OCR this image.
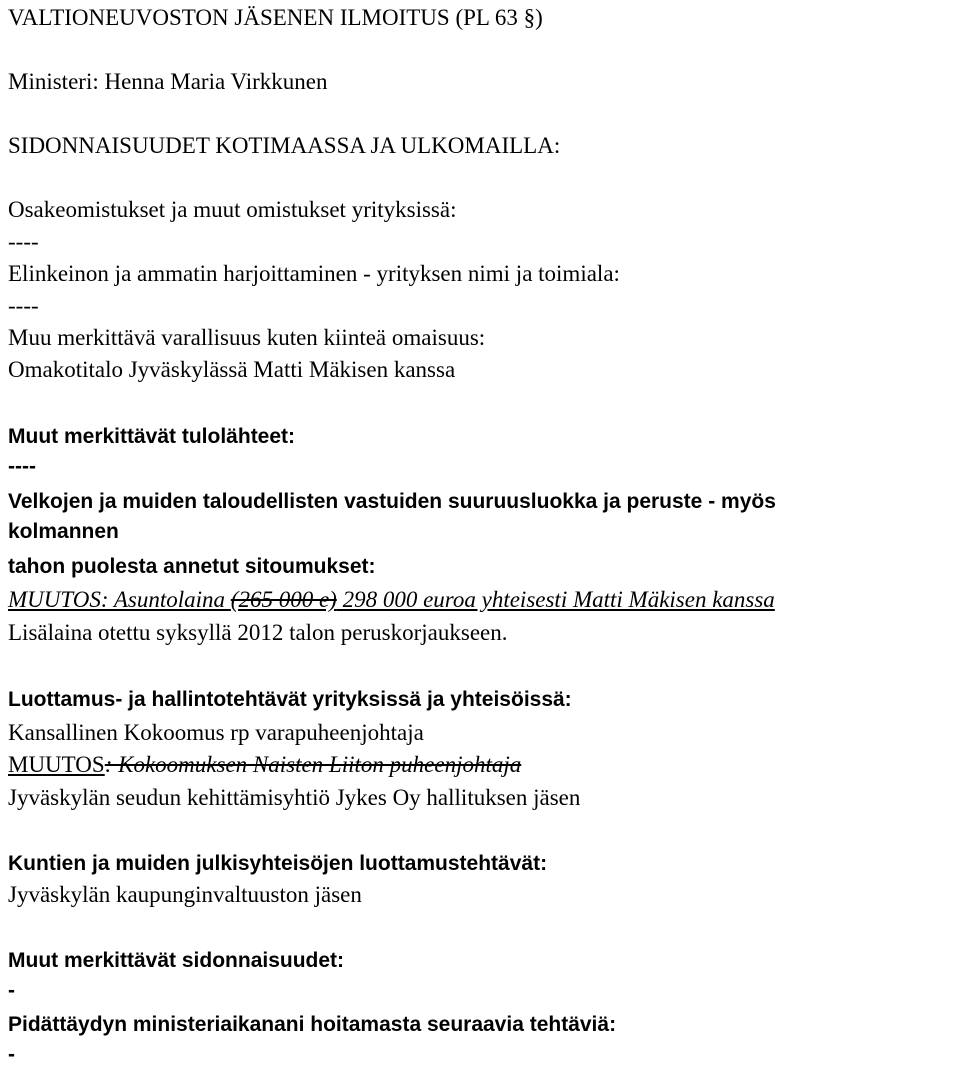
VALTIONEUVOSTON JÄSENEN ILMOITUS (PL 63 §)
Ministeri: Henna Maria Virkkunen
SIDONNAISUUDET KOTIMAASSA JA ULKOMAILLA:
Osakeomistukset ja muut omistukset yrityksissä:
----
Elinkeinon ja ammatin harjoittaminen - yrityksen nimi ja toimiala:
----
Muu merkittävä varallisuus kuten kiinteä omaisuus:
Omakotitalo Jyväskylässä Matti Mäkisen kanssa
Muut merkittävät tulolähteet:
----
Velkojen ja muiden taloudellisten vastuiden suuruusluokka ja peruste - myös
kolmannen
tahon puolesta annetut sitoumukset:
MUUTOS: Asuntolaina (265 000 e) 298 000 euroa yhteisesti Matti Mäkisen kanssa
Lisälaina otettu syksyllä 2012 talon peruskorjaukseen.
Luottamus- ja hallintotehtävät yrityksissä ja yhteisöissä:
Kansallinen Kokoomus rp varapuheenjohtaja
MUUTOS: Kokoomuksen Naisten Liiton puheenjohtaja
Jyväskylän seudun kehittämisyhtiö Jykes Oy hallituksen jäsen
Kuntien ja muiden julkisyhteisöjen luottamustehtävät:
Jyväskylän kaupunginvaltuuston jäsen
Muut merkittävät sidonnaisuudet:
-
Pidättäydyn ministeriaikanani hoitamasta seuraavia tehtäviä:
-
